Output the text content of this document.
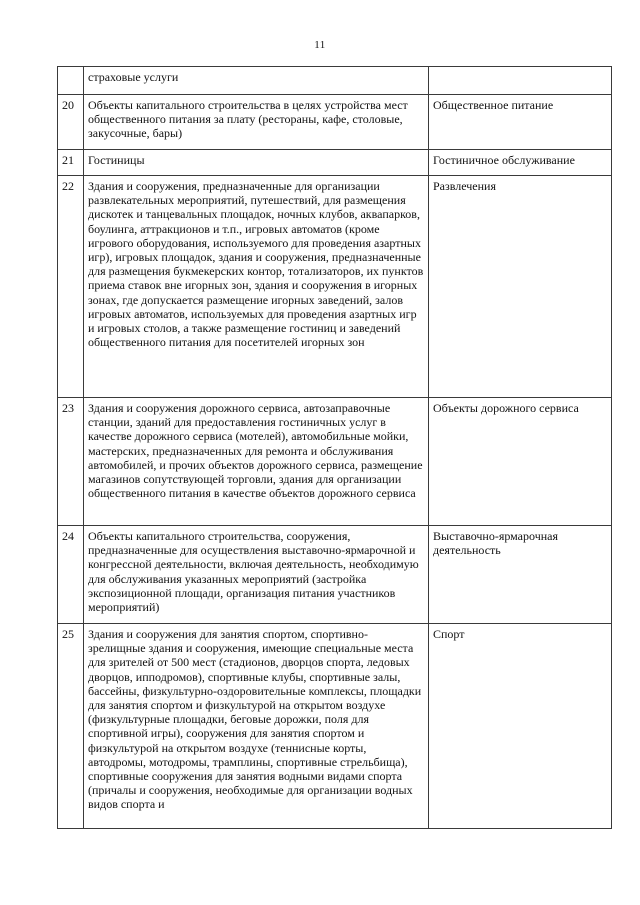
11
	страховые услуги	
20	Объекты капитального строительства в целях устройства мест общественного питания за плату (рестораны, кафе, столовые, закусочные, бары)	Общественное питание
21	Гостиницы	Гостиничное обслуживание
22	Здания и сооружения, предназначенные для организации развлекательных мероприятий, путешествий, для размещения дискотек и танцевальных площадок, ночных клубов, аквапарков, боулинга, аттракционов и т.п., игровых автоматов (кроме игрового оборудования, используемого для проведения азартных игр), игровых площадок, здания и сооружения, предназначенные для размещения букмекерских контор, тотализаторов, их пунктов приема ставок вне игорных зон, здания и сооружения в игорных зонах, где допускается размещение игорных заведений, залов игровых автоматов, используемых для проведения азартных игр и игровых столов, а также размещение гостиниц и заведений общественного питания для посетителей игорных зон	Развлечения
23	Здания и сооружения дорожного сервиса, автозаправочные станции, зданий для предоставления гостиничных услуг в качестве дорожного сервиса (мотелей), автомобильные мойки, мастерских, предназначенных для ремонта и обслуживания автомобилей, и прочих объектов дорожного сервиса, размещение магазинов сопутствующей торговли, здания для организации общественного питания в качестве объектов дорожного сервиса	Объекты дорожного сервиса
24	Объекты капитального строительства, сооружения, предназначенные для осуществления выставочно-ярмарочной и конгрессной деятельности, включая деятельность, необходимую для обслуживания указанных мероприятий (застройка экспозиционной площади, организация питания участников мероприятий)	Выставочно-ярмарочная деятельность
25	Здания и сооружения для занятия спортом, спортивно-зрелищные здания и сооружения, имеющие специальные места для зрителей от 500 мест (стадионов, дворцов спорта, ледовых дворцов, ипподромов), спортивные клубы, спортивные залы, бассейны, физкультурно-оздоровительные комплексы, площадки для занятия спортом и физкультурой на открытом воздухе (физкультурные площадки, беговые дорожки, поля для спортивной игры), сооружения для занятия спортом и физкультурой на открытом воздухе (теннисные корты, автодромы, мотодромы, трамплины, спортивные стрельбища), спортивные сооружения для занятия водными видами спорта (причалы и сооружения, необходимые для организации водных видов спорта и	Спорт
